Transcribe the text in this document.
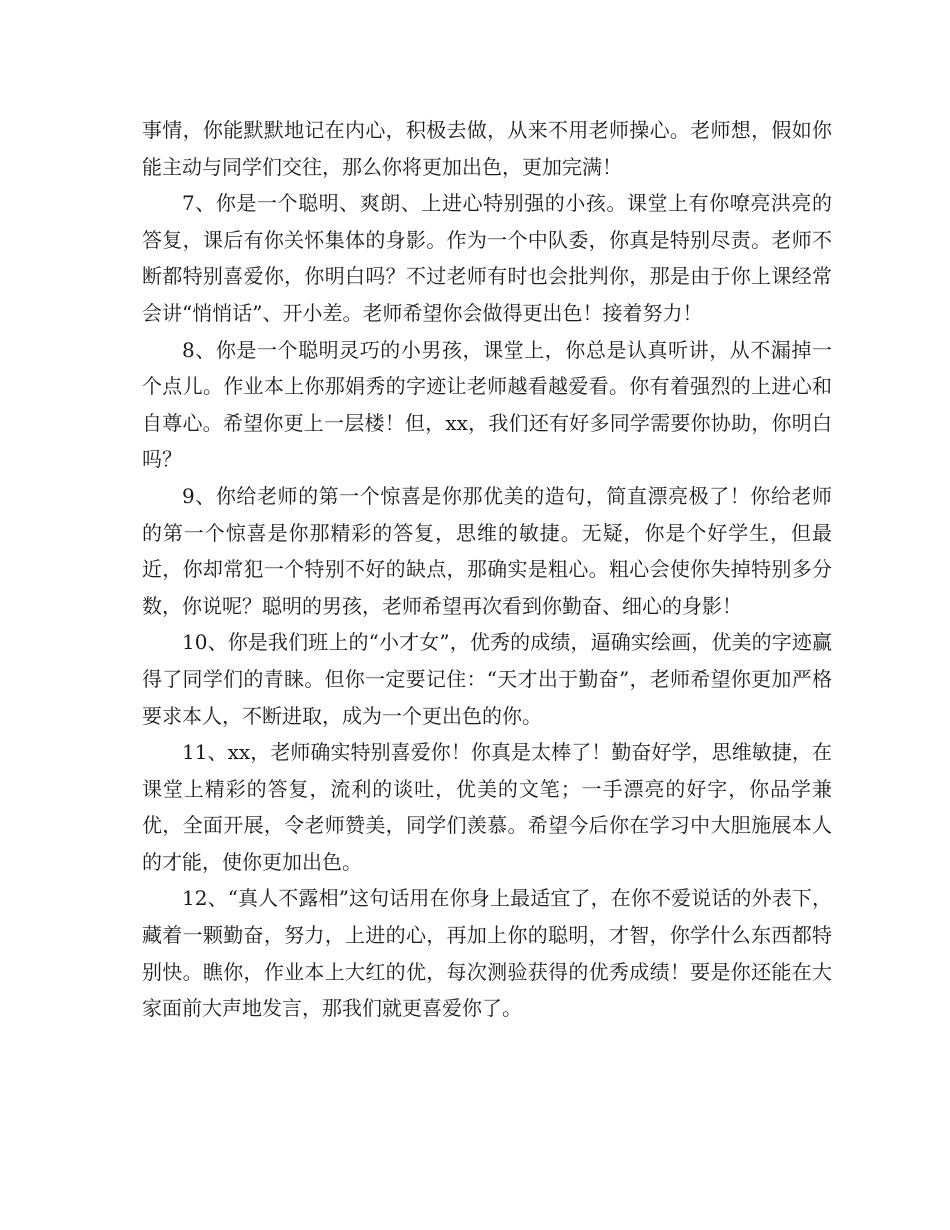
事情，你能默默地记在内心，积极去做，从来不用老师操心。老师想，假如你能主动与同学们交往，那么你将更加出色，更加完满！

7、你是一个聪明、爽朗、上进心特别强的小孩。课堂上有你嘹亮洪亮的答复，课后有你关怀集体的身影。作为一个中队委，你真是特别尽责。老师不断都特别喜爱你，你明白吗？不过老师有时也会批判你，那是由于你上课经常会讲“悄悄话”、开小差。老师希望你会做得更出色！接着努力！

8、你是一个聪明灵巧的小男孩，课堂上，你总是认真听讲，从不漏掉一个点儿。作业本上你那娟秀的字迹让老师越看越爱看。你有着强烈的上进心和自尊心。希望你更上一层楼！但，xx，我们还有好多同学需要你协助，你明白吗？

9、你给老师的第一个惊喜是你那优美的造句，简直漂亮极了！你给老师的第一个惊喜是你那精彩的答复，思维的敏捷。无疑，你是个好学生，但最近，你却常犯一个特别不好的缺点，那确实是粗心。粗心会使你失掉特别多分数，你说呢？聪明的男孩，老师希望再次看到你勤奋、细心的身影！

10、你是我们班上的“小才女”，优秀的成绩，逼确实绘画，优美的字迹赢得了同学们的青睐。但你一定要记住：“天才出于勤奋”，老师希望你更加严格要求本人，不断进取，成为一个更出色的你。

11、xx，老师确实特别喜爱你！你真是太棒了！勤奋好学，思维敏捷，在课堂上精彩的答复，流利的谈吐，优美的文笔；一手漂亮的好字，你品学兼优，全面开展，令老师赞美，同学们羡慕。希望今后你在学习中大胆施展本人的才能，使你更加出色。

12、“真人不露相”这句话用在你身上最适宜了，在你不爱说话的外表下，藏着一颗勤奋，努力，上进的心，再加上你的聪明，才智，你学什么东西都特别快。瞧你，作业本上大红的优，每次测验获得的优秀成绩！要是你还能在大家面前大声地发言，那我们就更喜爱你了。
